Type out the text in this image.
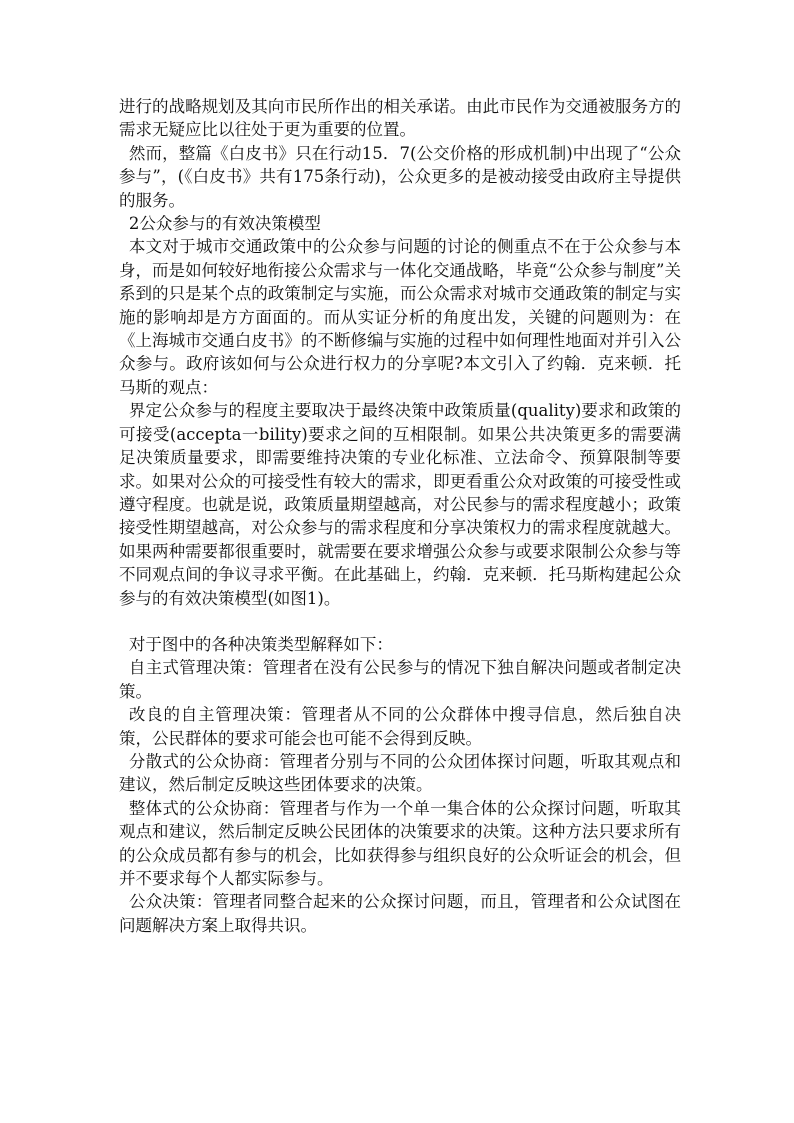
进行的战略规划及其向市民所作出的相关承诺。由此市民作为交通被服务方的需求无疑应比以往处于更为重要的位置。

然而，整篇《白皮书》只在行动15．7(公交价格的形成机制)中出现了“公众参与”，(《白皮书》共有175条行动)，公众更多的是被动接受由政府主导提供的服务。

2公众参与的有效决策模型

本文对于城市交通政策中的公众参与问题的讨论的侧重点不在于公众参与本身，而是如何较好地衔接公众需求与一体化交通战略，毕竟“公众参与制度”关系到的只是某个点的政策制定与实施，而公众需求对城市交通政策的制定与实施的影响却是方方面面的。而从实证分析的角度出发，关键的问题则为：在《上海城市交通白皮书》的不断修编与实施的过程中如何理性地面对并引入公众参与。政府该如何与公众进行权力的分享呢?本文引入了约翰．克来顿．托马斯的观点：

界定公众参与的程度主要取决于最终决策中政策质量(quality)要求和政策的可接受(accepta一bility)要求之间的互相限制。如果公共决策更多的需要满足决策质量要求，即需要维持决策的专业化标准、立法命令、预算限制等要求。如果对公众的可接受性有较大的需求，即更看重公众对政策的可接受性或遵守程度。也就是说，政策质量期望越高，对公民参与的需求程度越小；政策接受性期望越高，对公众参与的需求程度和分享决策权力的需求程度就越大。如果两种需要都很重要时，就需要在要求增强公众参与或要求限制公众参与等不同观点间的争议寻求平衡。在此基础上，约翰．克来顿．托马斯构建起公众参与的有效决策模型(如图1)。

对于图中的各种决策类型解释如下：

自主式管理决策：管理者在没有公民参与的情况下独自解决问题或者制定决策。

改良的自主管理决策：管理者从不同的公众群体中搜寻信息，然后独自决策，公民群体的要求可能会也可能不会得到反映。

分散式的公众协商：管理者分别与不同的公众团体探讨问题，听取其观点和建议，然后制定反映这些团体要求的决策。

整体式的公众协商：管理者与作为一个单一集合体的公众探讨问题，听取其观点和建议，然后制定反映公民团体的决策要求的决策。这种方法只要求所有的公众成员都有参与的机会，比如获得参与组织良好的公众听证会的机会，但并不要求每个人都实际参与。

公众决策：管理者同整合起来的公众探讨问题，而且，管理者和公众试图在问题解决方案上取得共识。
